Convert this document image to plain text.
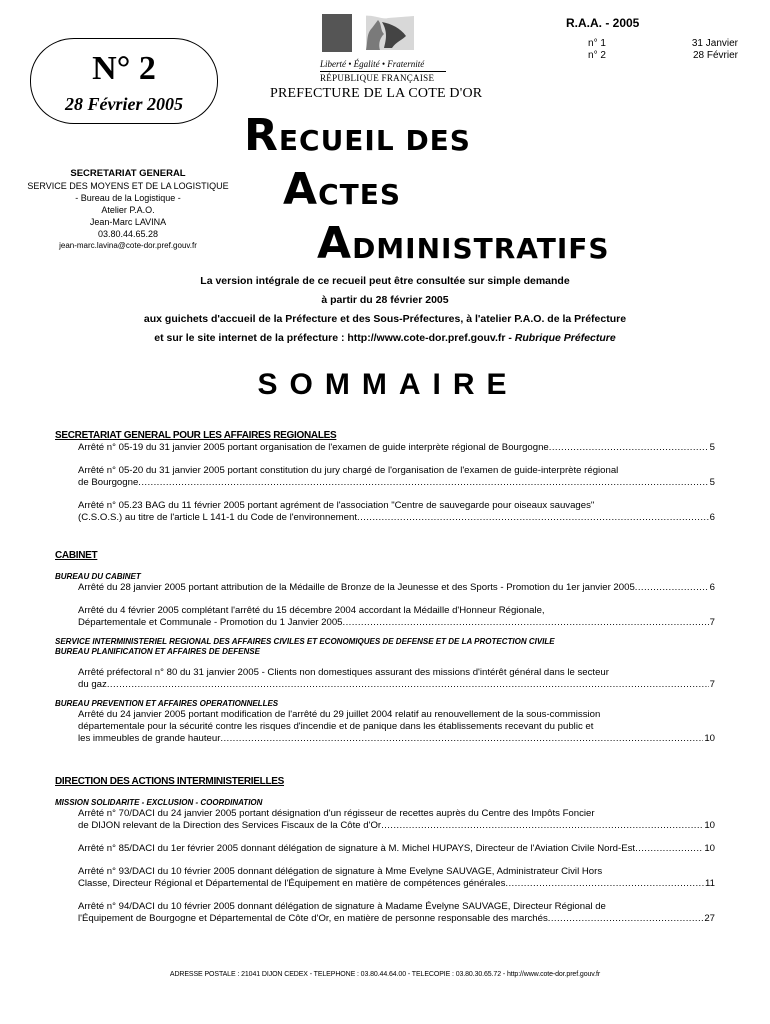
N° 2
28 Février 2005
Liberté • Égalité • Fraternité
RÉPUBLIQUE FRANÇAISE
R.A.A. - 2005
n° 1	31 Janvier
n° 2	28 Février
PREFECTURE DE LA COTE D'OR
SECRETARIAT GENERAL
SERVICE DES MOYENS ET DE LA LOGISTIQUE
- Bureau de la Logistique -
Atelier P.A.O.
Jean-Marc LAVINA
03.80.44.65.28
jean-marc.lavina@cote-dor.pref.gouv.fr
RECUEIL DES
ACTES
ADMINISTRATIFS
La version intégrale de ce recueil peut être consultée sur simple demande
à partir du 28 février 2005
aux guichets d'accueil de la Préfecture et des Sous-Préfectures, à l'atelier P.A.O. de la Préfecture
et sur le site internet de la préfecture : http://www.cote-dor.pref.gouv.fr - Rubrique Préfecture
SOMMAIRE
SECRETARIAT GENERAL POUR LES AFFAIRES REGIONALES
Arrêté n° 05-19 du 31 janvier 2005 portant organisation de l'examen de guide interprète régional de Bourgogne .....	5
Arrêté n° 05-20 du 31 janvier 2005 portant constitution du jury chargé de l'organisation de l'examen de guide-interprète régional
de Bourgogne .....	5
Arrêté n° 05.23 BAG du 11 février 2005 portant agrément de l'association "Centre de sauvegarde pour oiseaux sauvages"
(C.S.O.S.) au titre de l'article L 141-1 du Code de l'environnement .....	6
CABINET
BUREAU DU CABINET
Arrêté du 28 janvier 2005 portant attribution de la Médaille de Bronze de la Jeunesse et des Sports - Promotion du 1er janvier 2005 .....	6
Arrêté du 4 février 2005 complétant l'arrêté du 15 décembre 2004 accordant la Médaille d'Honneur Régionale,
Départementale et Communale - Promotion du 1 Janvier 2005 .....	7
SERVICE INTERMINISTERIEL REGIONAL DES AFFAIRES CIVILES ET ECONOMIQUES DE DEFENSE ET DE LA PROTECTION CIVILE
BUREAU PLANIFICATION ET AFFAIRES DE DEFENSE
Arrêté préfectoral n° 80 du 31 janvier 2005 - Clients non domestiques assurant des missions d'intérêt général dans le secteur
du gaz .....	7
BUREAU PREVENTION ET AFFAIRES OPERATIONNELLES
Arrêté du 24 janvier 2005 portant modification de l'arrêté du 29 juillet 2004 relatif au renouvellement de la sous-commission
départementale pour la sécurité contre les risques d'incendie et de panique dans les établissements recevant du public et
les immeubles de grande hauteur .....	10
DIRECTION DES ACTIONS INTERMINISTERIELLES
MISSION SOLIDARITE - EXCLUSION - COORDINATION
Arrêté n° 70/DACI du 24 janvier 2005 portant désignation d'un régisseur de recettes auprès du Centre des Impôts Foncier
de DIJON relevant de la Direction des Services Fiscaux de la Côte d'Or .....	10
Arrêté n° 85/DACI du 1er février 2005 donnant délégation de signature à M. Michel HUPAYS, Directeur de l'Aviation Civile Nord-Est .....	10
Arrêté n° 93/DACI du 10 février 2005 donnant délégation de signature à Mme Evelyne SAUVAGE, Administrateur Civil Hors
Classe, Directeur Régional et Départemental de l'Équipement en matière de compétences générales .....	11
Arrêté n° 94/DACI du 10 février 2005 donnant délégation de signature à Madame Évelyne SAUVAGE, Directeur Régional de
l'Équipement de Bourgogne et Départemental de Côte d'Or, en matière de personne responsable des marchés .....	27
ADRESSE POSTALE : 21041 DIJON CEDEX - TELEPHONE : 03.80.44.64.00 - TELECOPIE : 03.80.30.65.72 - http://www.cote-dor.pref.gouv.fr
